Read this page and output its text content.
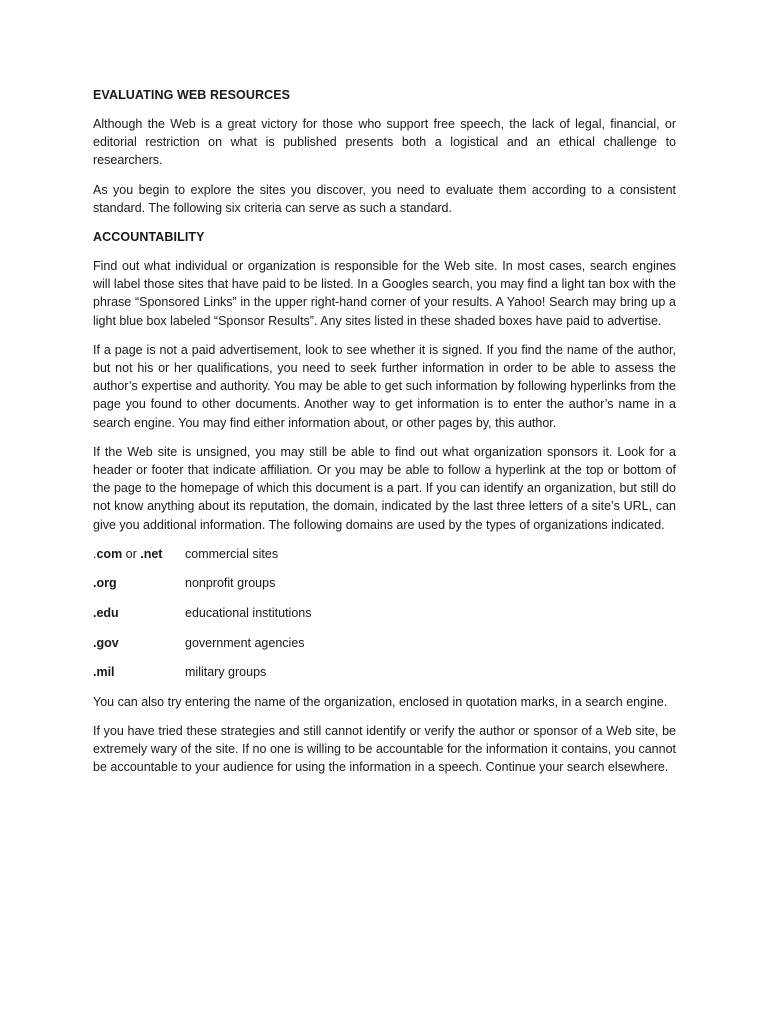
EVALUATING WEB RESOURCES

Although the Web is a great victory for those who support free speech, the lack of legal, financial, or editorial restriction on what is published presents both a logistical and an ethical challenge to researchers.

As you begin to explore the sites you discover, you need to evaluate them according to a consistent standard. The following six criteria can serve as such a standard.

ACCOUNTABILITY

Find out what individual or organization is responsible for the Web site. In most cases, search engines will label those sites that have paid to be listed. In a Googles search, you may find a light tan box with the phrase “Sponsored Links” in the upper right-hand corner of your results. A Yahoo! Search may bring up a light blue box labeled “Sponsor Results”. Any sites listed in these shaded boxes have paid to advertise.

If a page is not a paid advertisement, look to see whether it is signed. If you find the name of the author, but not his or her qualifications, you need to seek further information in order to be able to assess the author’s expertise and authority. You may be able to get such information by following hyperlinks from the page you found to other documents. Another way to get information is to enter the author’s name in a search engine. You may find either information about, or other pages by, this author.

If the Web site is unsigned, you may still be able to find out what organization sponsors it. Look for a header or footer that indicate affiliation. Or you may be able to follow a hyperlink at the top or bottom of the page to the homepage of which this document is a part. If you can identify an organization, but still do not know anything about its reputation, the domain, indicated by the last three letters of a site’s URL, can give you additional information. The following domains are used by the types of organizations indicated.

.com or .net	commercial sites
.org	nonprofit groups
.edu	educational institutions
.gov	government agencies
.mil	military groups

You can also try entering the name of the organization, enclosed in quotation marks, in a search engine.

If you have tried these strategies and still cannot identify or verify the author or sponsor of a Web site, be extremely wary of the site. If no one is willing to be accountable for the information it contains, you cannot be accountable to your audience for using the information in a speech. Continue your search elsewhere.
